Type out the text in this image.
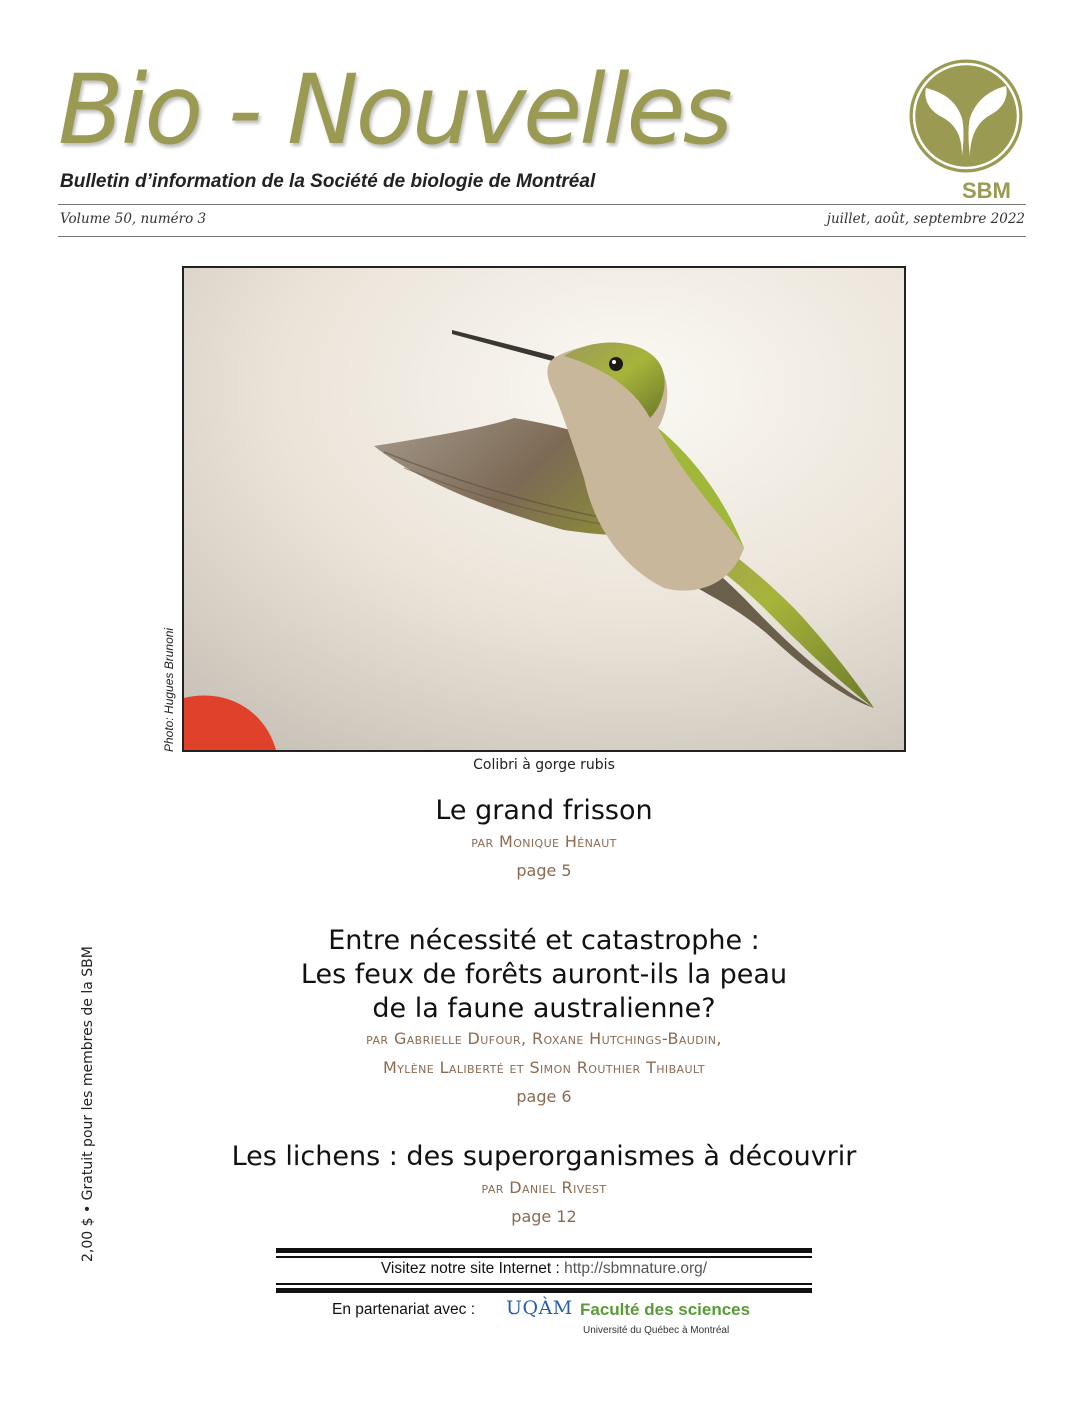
Bio - Nouvelles
Bulletin d’information de la Société de biologie de Montréal	SBM
Volume 50, numéro 3	juillet, août, septembre 2022
Photo: Hugues Brunoni
Colibri à gorge rubis
Le grand frisson
par Monique Hénaut
page 5
Entre nécessité et catastrophe :
Les feux de forêts auront-ils la peau
de la faune australienne?
par Gabrielle Dufour, Roxane Hutchings-Baudin,
Mylène Laliberté et Simon Routhier Thibault
page 6
Les lichens : des superorganismes à découvrir
par Daniel Rivest
page 12
2,00 $ • Gratuit pour les membres de la SBM
Visitez notre site Internet : http://sbmnature.org/
En partenariat avec : UQÀM Faculté des sciences
Université du Québec à Montréal
